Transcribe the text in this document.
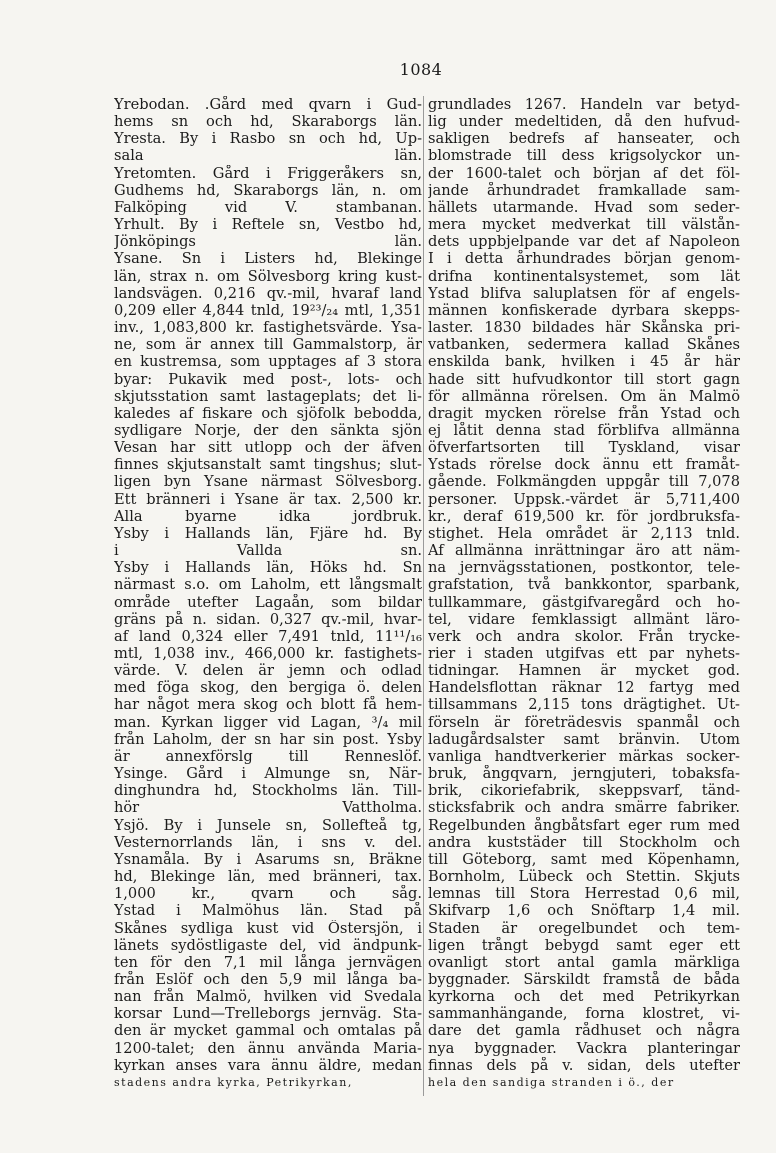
1084
Yrebodan. .Gård med qvarn i Gud-
hems sn och hd, Skaraborgs län.
Yresta. By i Rasbo sn och hd, Up-
sala län.
Yretomten. Gård i Friggeråkers sn,
Gudhems hd, Skaraborgs län, n. om
Falköping vid V. stambanan.
Yrhult. By i Reftele sn, Vestbo hd,
Jönköpings län.
Ysane. Sn i Listers hd, Blekinge
län, strax n. om Sölvesborg kring kust-
landsvägen. 0,216 qv.-mil, hvaraf land
0,209 eller 4,844 tnld, 19²³/₂₄ mtl, 1,351
inv., 1,083,800 kr. fastighetsvärde. Ysa-
ne, som är annex till Gammalstorp, är
en kustremsa, som upptages af 3 stora
byar: Pukavik med post-, lots- och
skjutsstation samt lastageplats; det li-
kaledes af fiskare och sjöfolk bebodda,
sydligare Norje, der den sänkta sjön
Vesan har sitt utlopp och der äfven
finnes skjutsanstalt samt tingshus; slut-
ligen byn Ysane närmast Sölvesborg.
Ett bränneri i Ysane är tax. 2,500 kr.
Alla byarne idka jordbruk.
Ysby i Hallands län, Fjäre hd. By
i Vallda sn.
Ysby i Hallands län, Höks hd. Sn
närmast s.o. om Laholm, ett långsmalt
område utefter Lagaån, som bildar
gräns på n. sidan. 0,327 qv.-mil, hvar-
af land 0,324 eller 7,491 tnld, 11¹¹/₁₆
mtl, 1,038 inv., 466,000 kr. fastighets-
värde. V. delen är jemn och odlad
med föga skog, den bergiga ö. delen
har något mera skog och blott få hem-
man. Kyrkan ligger vid Lagan, ³/₄ mil
från Laholm, der sn har sin post. Ysby
är annexförslg till Renneslöf.
Ysinge. Gård i Almunge sn, När-
dinghundra hd, Stockholms län. Till-
hör Vattholma.
Ysjö. By i Junsele sn, Sollefteå tg,
Vesternorrlands län, i sns v. del.
Ysnamåla. By i Asarums sn, Bräkne
hd, Blekinge län, med bränneri, tax.
1,000 kr., qvarn och såg.
Ystad i Malmöhus län. Stad på
Skånes sydliga kust vid Östersjön, i
länets sydöstligaste del, vid ändpunk-
ten för den 7,1 mil långa jernvägen
från Eslöf och den 5,9 mil långa ba-
nan från Malmö, hvilken vid Svedala
korsar Lund—Trelleborgs jernväg. Sta-
den är mycket gammal och omtalas på
1200-talet; den ännu använda Maria-
kyrkan anses vara ännu äldre, medan
stadens andra kyrka, Petrikyrkan,
grundlades 1267. Handeln var betyd-
lig under medeltiden, då den hufvud-
sakligen bedrefs af hanseater, och
blomstrade till dess krigsolyckor un-
der 1600-talet och början af det föl-
jande århundradet framkallade sam-
hällets utarmande. Hvad som seder-
mera mycket medverkat till välstån-
dets uppbjelpande var det af Napoleon
I i detta århundrades början genom-
drifna kontinentalsystemet, som lät
Ystad blifva saluplatsen för af engels-
männen konfiskerade dyrbara skepps-
laster. 1830 bildades här Skånska pri-
vatbanken, sedermera kallad Skånes
enskilda bank, hvilken i 45 år här
hade sitt hufvudkontor till stort gagn
för allmänna rörelsen. Om än Malmö
dragit mycken rörelse från Ystad och
ej låtit denna stad förblifva allmänna
öfverfartsorten till Tyskland, visar
Ystads rörelse dock ännu ett framåt-
gående. Folkmängden uppgår till 7,078
personer. Uppsk.-värdet är 5,711,400
kr., deraf 619,500 kr. för jordbruksfa-
stighet. Hela området är 2,113 tnld.
Af allmänna inrättningar äro att näm-
na jernvägsstationen, postkontor, tele-
grafstation, två bankkontor, sparbank,
tullkammare, gästgifvaregård och ho-
tel, vidare femklassigt allmänt läro-
verk och andra skolor. Från trycke-
rier i staden utgifvas ett par nyhets-
tidningar. Hamnen är mycket god.
Handelsflottan räknar 12 fartyg med
tillsammans 2,115 tons drägtighet. Ut-
förseln är företrädesvis spanmål och
ladugårdsalster samt bränvin. Utom
vanliga handtverkerier märkas socker-
bruk, ångqvarn, jerngjuteri, tobaksfa-
brik, cikoriefabrik, skeppsvarf, tänd-
sticksfabrik och andra smärre fabriker.
Regelbunden ångbåtsfart eger rum med
andra kuststäder till Stockholm och
till Göteborg, samt med Köpenhamn,
Bornholm, Lübeck och Stettin. Skjuts
lemnas till Stora Herrestad 0,6 mil,
Skifvarp 1,6 och Snöftarp 1,4 mil.
Staden är oregelbundet och tem-
ligen trångt bebygd samt eger ett
ovanligt stort antal gamla märkliga
byggnader. Särskildt framstå de båda
kyrkorna och det med Petrikyrkan
sammanhängande, forna klostret, vi-
dare det gamla rådhuset och några
nya byggnader. Vackra planteringar
finnas dels på v. sidan, dels utefter
hela den sandiga stranden i ö., der
